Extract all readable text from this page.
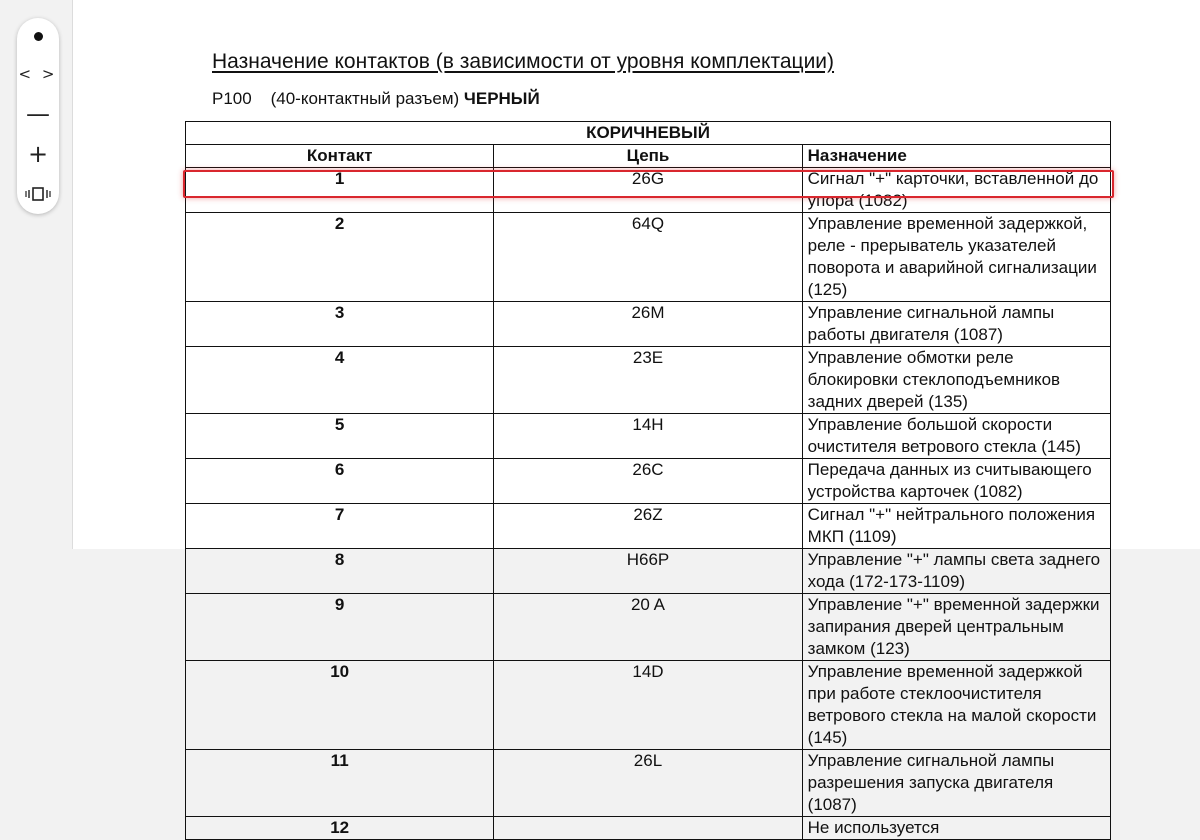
< >
—
+
Назначение контактов (в зависимости от уровня комплектации)
P100 (40-контактный разъем) ЧЕРНЫЙ
КОРИЧНЕВЫЙ		
Контакт	Цепь	Назначение
1	26G	Сигнал "+" карточки, вставленной до упора (1082)
2	64Q	Управление временной задержкой, реле - прерыватель указателей поворота и аварийной сигнализации (125)
3	26M	Управление сигнальной лампы работы двигателя (1087)
4	23E	Управление обмотки реле блокировки стеклоподъемников задних дверей (135)
5	14H	Управление большой скорости очистителя ветрового стекла (145)
6	26C	Передача данных из считывающего устройства карточек (1082)
7	26Z	Сигнал "+" нейтрального положения МКП (1109)
8	H66P	Управление "+" лампы света заднего хода (172-173-1109)
9	20 A	Управление "+" временной задержки запирания дверей центральным замком (123)
10	14D	Управление временной задержкой при работе стеклоочистителя ветрового стекла на малой скорости (145)
11	26L	Управление сигнальной лампы разрешения запуска двигателя (1087)
12		Не используется
